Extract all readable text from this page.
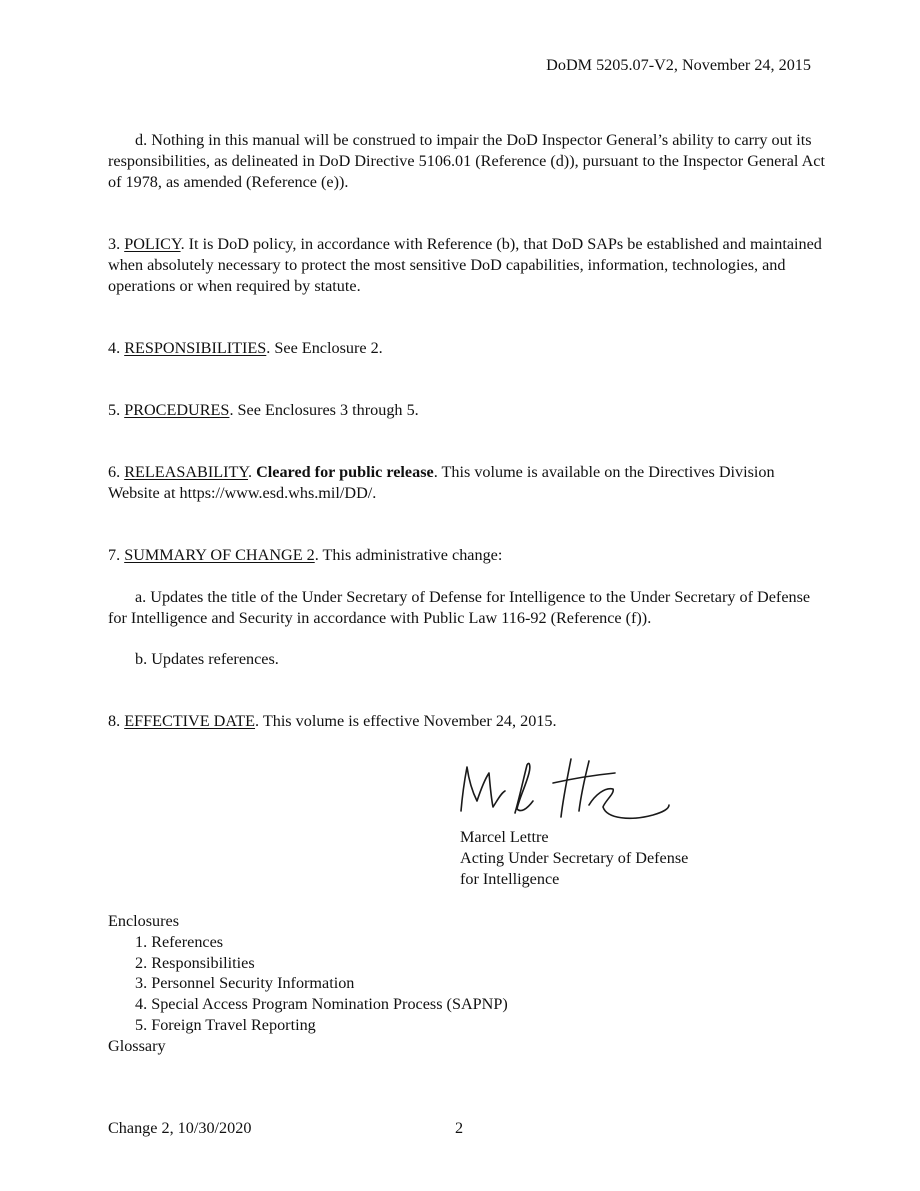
DoDM 5205.07-V2, November 24, 2015
d. Nothing in this manual will be construed to impair the DoD Inspector General’s ability to carry out its responsibilities, as delineated in DoD Directive 5106.01 (Reference (d)), pursuant to the Inspector General Act of 1978, as amended (Reference (e)).
3. POLICY. It is DoD policy, in accordance with Reference (b), that DoD SAPs be established and maintained when absolutely necessary to protect the most sensitive DoD capabilities, information, technologies, and operations or when required by statute.
4. RESPONSIBILITIES. See Enclosure 2.
5. PROCEDURES. See Enclosures 3 through 5.
6. RELEASABILITY. Cleared for public release. This volume is available on the Directives Division Website at https://www.esd.whs.mil/DD/.
7. SUMMARY OF CHANGE 2. This administrative change:
a. Updates the title of the Under Secretary of Defense for Intelligence to the Under Secretary of Defense for Intelligence and Security in accordance with Public Law 116-92 (Reference (f)).
b. Updates references.
8. EFFECTIVE DATE. This volume is effective November 24, 2015.
Marcel Lettre
Acting Under Secretary of Defense
for Intelligence
Enclosures
1. References
2. Responsibilities
3. Personnel Security Information
4. Special Access Program Nomination Process (SAPNP)
5. Foreign Travel Reporting
Glossary
Change 2, 10/30/2020	2
